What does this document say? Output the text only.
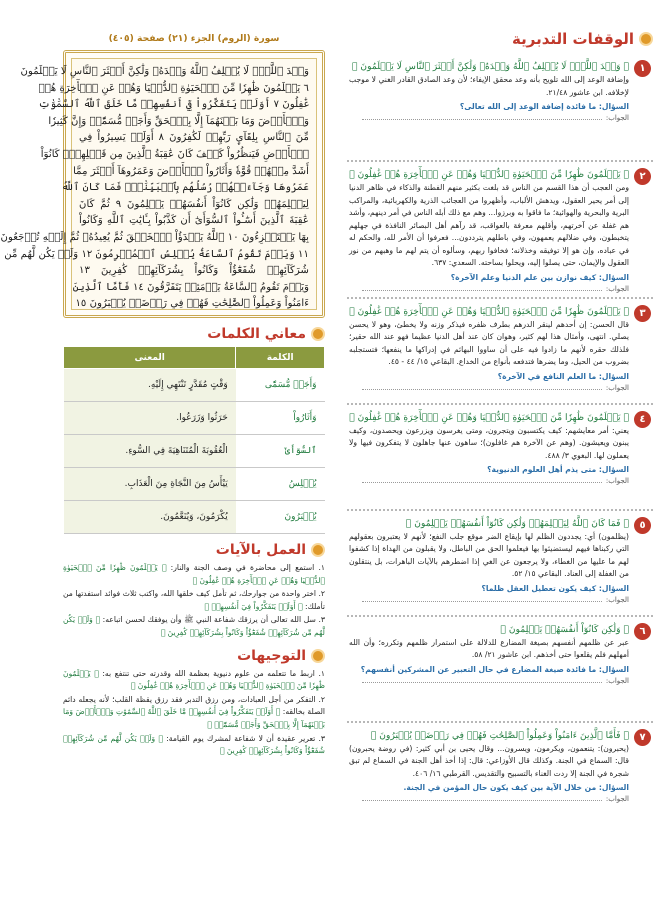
الوقفات التدبرية
١
﴿ وَعۡدَ ٱللَّهِۖ لَا يُخۡلِفُ ٱللَّهُ وَعۡدَهُۥ وَلَٰكِنَّ أَكۡثَرَ ٱلنَّاسِ لَا يَعۡلَمُونَ ﴾
وإضافة الوعد إلى الله تلويح بأنه وعد محقق الإيفاء؛ لأن وعد الصادق القادر الغني لا موجب لإخلافه. ابن عاشور ٢١/٤٨.
السؤال: ما فائدة إضافة الوعد إلى الله تعالى؟
الجواب:
٢
﴿ يَعۡلَمُونَ ظَٰهِرٗا مِّنَ ٱلۡحَيَوٰةِ ٱلدُّنۡيَا وَهُمۡ عَنِ ٱلۡأٓخِرَةِ هُمۡ غَٰفِلُونَ ﴾
ومن العجب أن هذا القسم من الناس قد بلغت بكثير منهم الفطنة والذكاء في ظاهر الدنيا إلى أمر يحير العقول، ويدهش الألباب، وأظهروا من العجائب الذرية والكهربائية، والمراكب البرية والبحرية والهوائية؛ ما فاقوا به وبرزوا... وهم مع ذلك أبله الناس في أمر دينهم، وأشد هم غفلة عن آخرتهم، وأقلهم معرفة بالعواقب، قد رآهم أهل البصائر النافذة في جهلهم يتخبطون، وفي ضلالهم يعمهون، وفي باطلهم يترددون... فعرفوا أن الأمر لله، والحكم له في عباده، وإن هو إلا توفيقه وخذلانه؛ فخافوا ربهم، وسألوه أن يتم لهم ما وهبهم من نور العقول والإيمان، حتى يصلوا إليه، ويحلوا بساحته. السعدي: ٦٣٧.
السؤال: كيف نوازن بين علم الدنيا وعلم الآخرة؟
الجواب:
٣
﴿ يَعۡلَمُونَ ظَٰهِرٗا مِّنَ ٱلۡحَيَوٰةِ ٱلدُّنۡيَا وَهُمۡ عَنِ ٱلۡأٓخِرَةِ هُمۡ غَٰفِلُونَ ﴾
قال الحسن: إن أحدهم لينقر الدرهم بطرف ظفره فيذكر وزنه ولا يخطئ، وهو لا يحسن يصلي. انتهى، وأمثال هذا لهم كثير، وهوان كان عند أهل الدنيا عظيما فهو عند الله حقير؛ فلذلك حقره لأنهم ما زادوا فيه على أن ساووا البهائم في إدراكها ما ينفعها؛ فتستجلبه بضروب من الحيل، وما يضرها فتدفعه بأنواع من الخداع. البقاعي ١٥/ ٤٤ - ٤٥.
السؤال: ما العلم النافع في الآخرة؟
الجواب:
٤
﴿ يَعۡلَمُونَ ظَٰهِرٗا مِّنَ ٱلۡحَيَوٰةِ ٱلدُّنۡيَا وَهُمۡ عَنِ ٱلۡأٓخِرَةِ هُمۡ غَٰفِلُونَ ﴾
يعني: أمر معايشهم: كيف يكتسبون ويتجرون، ومتى يغرسون ويزرعون ويحصدون، وكيف يبنون ويعيشون. (وهم عن الآخرة هم غافلون)؛ ساهون عنها جاهلون لا يتفكرون فيها ولا يعملون لها. البغوي ٣/ ٤٨٨.
السؤال: متى يذم أهل العلوم الدنيوية؟
الجواب:
٥
﴿ فَمَا كَانَ ٱللَّهُ لِيَظۡلِمَهُمۡ وَلَٰكِن كَانُوٓاْ أَنفُسَهُمۡ يَظۡلِمُونَ ﴾
(يظلمون) أي: يجددون الظلم لها بإيقاع الضر موقع جلب النفع؛ لأنهم لا يعتبرون بعقولهم التي ركبناها فيهم ليستضيئوا بها فيعلموا الحق من الباطل، ولا يقبلون من الهداة إذا كشفوا لهم ما عليها من الغطاء، ولا يرجعون عن الغي إذا اضطرهم بالآيات الباهرات، بل ينتقلون من الغفلة إلى العناد. البقاعي ١٥/ ٥٢.
السؤال: كيف يكون تعطيل العقل ظلما؟
الجواب:
٦
﴿ وَلَٰكِن كَانُوٓاْ أَنفُسَهُمۡ يَظۡلِمُونَ ﴾
عبر عن ظلمهم أنفسهم بصيغة المضارع للدلالة على استمرار ظلمهم وتكرره؛ وأن الله أمهلهم فلم يقلعوا حتى أخذهم. ابن عاشور ٢١/ ٥٨.
السؤال: ما فائدة صيغة المضارع في حال التعبير عن المشركين أنفسهم؟
الجواب:
٧
﴿ فَأَمَّا ٱلَّذِينَ ءَامَنُواْ وَعَمِلُواْ ٱلصَّٰلِحَٰتِ فَهُمۡ فِي رَوۡضَةٖ يُحۡبَرُونَ ﴾
(يحبرون): يتنعمون، ويكرمون، ويسرون... وقال يحيى بن أبي كثير: (في روضة يحبرون) قال: السماع في الجنة. وكذلك قال الأوزاعي: قال: إذا أخذ أهل الجنة في السماع لم تبق شجرة في الجنة إلا ردت الغناء بالتسبيح والتقديس. القرطبي ١٦/ ٤٠٦.
السؤال: من خلال الآية بين كيف يكون حال المؤمن في الجنة.
الجواب:
سورة (الروم) الجزء (٢١) صفحة (٤٠٥)
وَعۡدَ ٱللَّهِۖ لَا يُخۡلِفُ ٱللَّهُ وَعۡدَهُۥ وَلَٰكِنَّ أَكۡثَرَ ٱلنَّاسِ لَا يَعۡلَمُونَ
٦ يَعۡلَمُونَ ظَٰهِرٗا مِّنَ ٱلۡحَيَوٰةِ ٱلدُّنۡيَا وَهُمۡ عَنِ ٱلۡأٓخِرَةِ هُمۡ
غَٰفِلُونَ ٧ أَوَلَمۡ يَتَفَكَّرُواْ فِيٓ أَنفُسِهِمۗ مَّا خَلَقَ ٱللَّهُ ٱلسَّمَٰوَٰتِ
وَٱلۡأَرۡضَ وَمَا بَيۡنَهُمَآ إِلَّا بِٱلۡحَقِّ وَأَجَلٖ مُّسَمّٗىۗ وَإِنَّ كَثِيرٗا
مِّنَ ٱلنَّاسِ بِلِقَآيِٕ رَبِّهِمۡ لَكَٰفِرُونَ ٨ أَوَلَمۡ يَسِيرُواْ فِي
ٱلۡأَرۡضِ فَيَنظُرُواْ كَيۡفَ كَانَ عَٰقِبَةُ ٱلَّذِينَ مِن قَبۡلِهِمۡۚ كَانُوٓاْ
أَشَدَّ مِنۡهُمۡ قُوَّةٗ وَأَثَارُواْ ٱلۡأَرۡضَ وَعَمَرُوهَآ أَكۡثَرَ مِمَّا
عَمَرُوهَا وَجَآءَتۡهُمۡ رُسُلُهُم بِٱلۡبَيِّنَٰتِۖ فَمَا كَانَ ٱللَّهُ
لِيَظۡلِمَهُمۡ وَلَٰكِن كَانُوٓاْ أَنفُسَهُمۡ يَظۡلِمُونَ ٩ ثُمَّ كَانَ
عَٰقِبَةَ ٱلَّذِينَ أَسَٰٓـُٔواْ ٱلسُّوٓأَىٰٓ أَن كَذَّبُواْ بِـَٔايَٰتِ ٱللَّهِ وَكَانُواْ
بِهَا يَسۡتَهۡزِءُونَ ١٠ ٱللَّهُ يَبۡدَؤُاْ ٱلۡخَلۡقَ ثُمَّ يُعِيدُهُۥ ثُمَّ إِلَيۡهِ تُرۡجَعُونَ
١١ وَيَوۡمَ تَقُومُ ٱلسَّاعَةُ يُبۡلِسُ ٱلۡمُجۡرِمُونَ ١٢ وَلَمۡ يَكُن لَّهُم مِّن
شُرَكَآئِهِمۡ شُفَعَٰٓؤُاْ وَكَانُواْ بِشُرَكَآئِهِمۡ كَٰفِرِينَ ١٣
وَيَوۡمَ تَقُومُ ٱلسَّاعَةُ يَوۡمَئِذٖ يَتَفَرَّقُونَ ١٤ فَأَمَّا ٱلَّذِينَ
ءَامَنُواْ وَعَمِلُواْ ٱلصَّٰلِحَٰتِ فَهُمۡ فِي رَوۡضَةٖ يُحۡبَرُونَ ١٥
معاني الكلمات
الكلمة	المعنى
وَأَجَلٖ مُّسَمّٗى	وَقْتٍ مُقَدَّرٍ تَنْتَهِي إِلَيْهِ.
وَأَثَارُواْ	حَرَثُوا وَزَرَعُوا.
ٱلسُّوٓأَىٰٓ	الْعُقُوبَةَ الْمُتَنَاهِيَةَ فِي السُّوءِ.
يُبۡلِسُ	يَيْأَسُ مِنَ النَّجَاةِ مِنَ الْعَذَابِ.
يُحۡبَرُونَ	يُكْرَمُونَ، وَيُنَعَّمُونَ.
العمل بالآيات

١. استمع إلى محاضرة في وصف الجنة والنار: ﴿ يَعۡلَمُونَ ظَٰهِرٗا مِّنَ ٱلۡحَيَوٰةِ ٱلدُّنۡيَا وَهُمۡ عَنِ ٱلۡأٓخِرَةِ هُمۡ غَٰفِلُونَ ﴾

٢. اختر واحدة من جوارحك، ثم تأمل كيف خلقها الله، واكتب ثلاث فوائد استفدتها من تأملك: ﴿ أَوَلَمۡ يَتَفَكَّرُواْ فِيٓ أَنفُسِهِمۗ ﴾

٣. سل الله تعالى أن يرزقك شفاعة النبي ﷺ وأن يوفقك لحسن اتباعه: ﴿ وَلَمۡ يَكُن لَّهُم مِّن شُرَكَآئِهِمۡ شُفَعَٰٓؤُاْ وَكَانُواْ بِشُرَكَآئِهِمۡ كَٰفِرِينَ ﴾

التوجيهات

١. اربط ما تتعلمه من علوم دنيوية بعظمة الله وقدرته حتى تنتفع به: ﴿ يَعۡلَمُونَ ظَٰهِرٗا مِّنَ ٱلۡحَيَوٰةِ ٱلدُّنۡيَا وَهُمۡ عَنِ ٱلۡأٓخِرَةِ هُمۡ غَٰفِلُونَ ﴾

٢. التفكر من أجل العبادات، ومن رزق التدبر فقد رزق يقظة القلب؛ لأنه يجعله دائم الصلة بخالقه: ﴿ أَوَلَمۡ يَتَفَكَّرُواْ فِيٓ أَنفُسِهِمۗ مَّا خَلَقَ ٱللَّهُ ٱلسَّمَٰوَٰتِ وَٱلۡأَرۡضَ وَمَا بَيۡنَهُمَآ إِلَّا بِٱلۡحَقِّ وَأَجَلٖ مُّسَمّٗىۗ ﴾

٣. تعرير عقيدة أن لا شفاعة لمشرك يوم القيامة: ﴿ وَلَمۡ يَكُن لَّهُم مِّن شُرَكَآئِهِمۡ شُفَعَٰٓؤُاْ وَكَانُواْ بِشُرَكَآئِهِمۡ كَٰفِرِينَ ﴾
